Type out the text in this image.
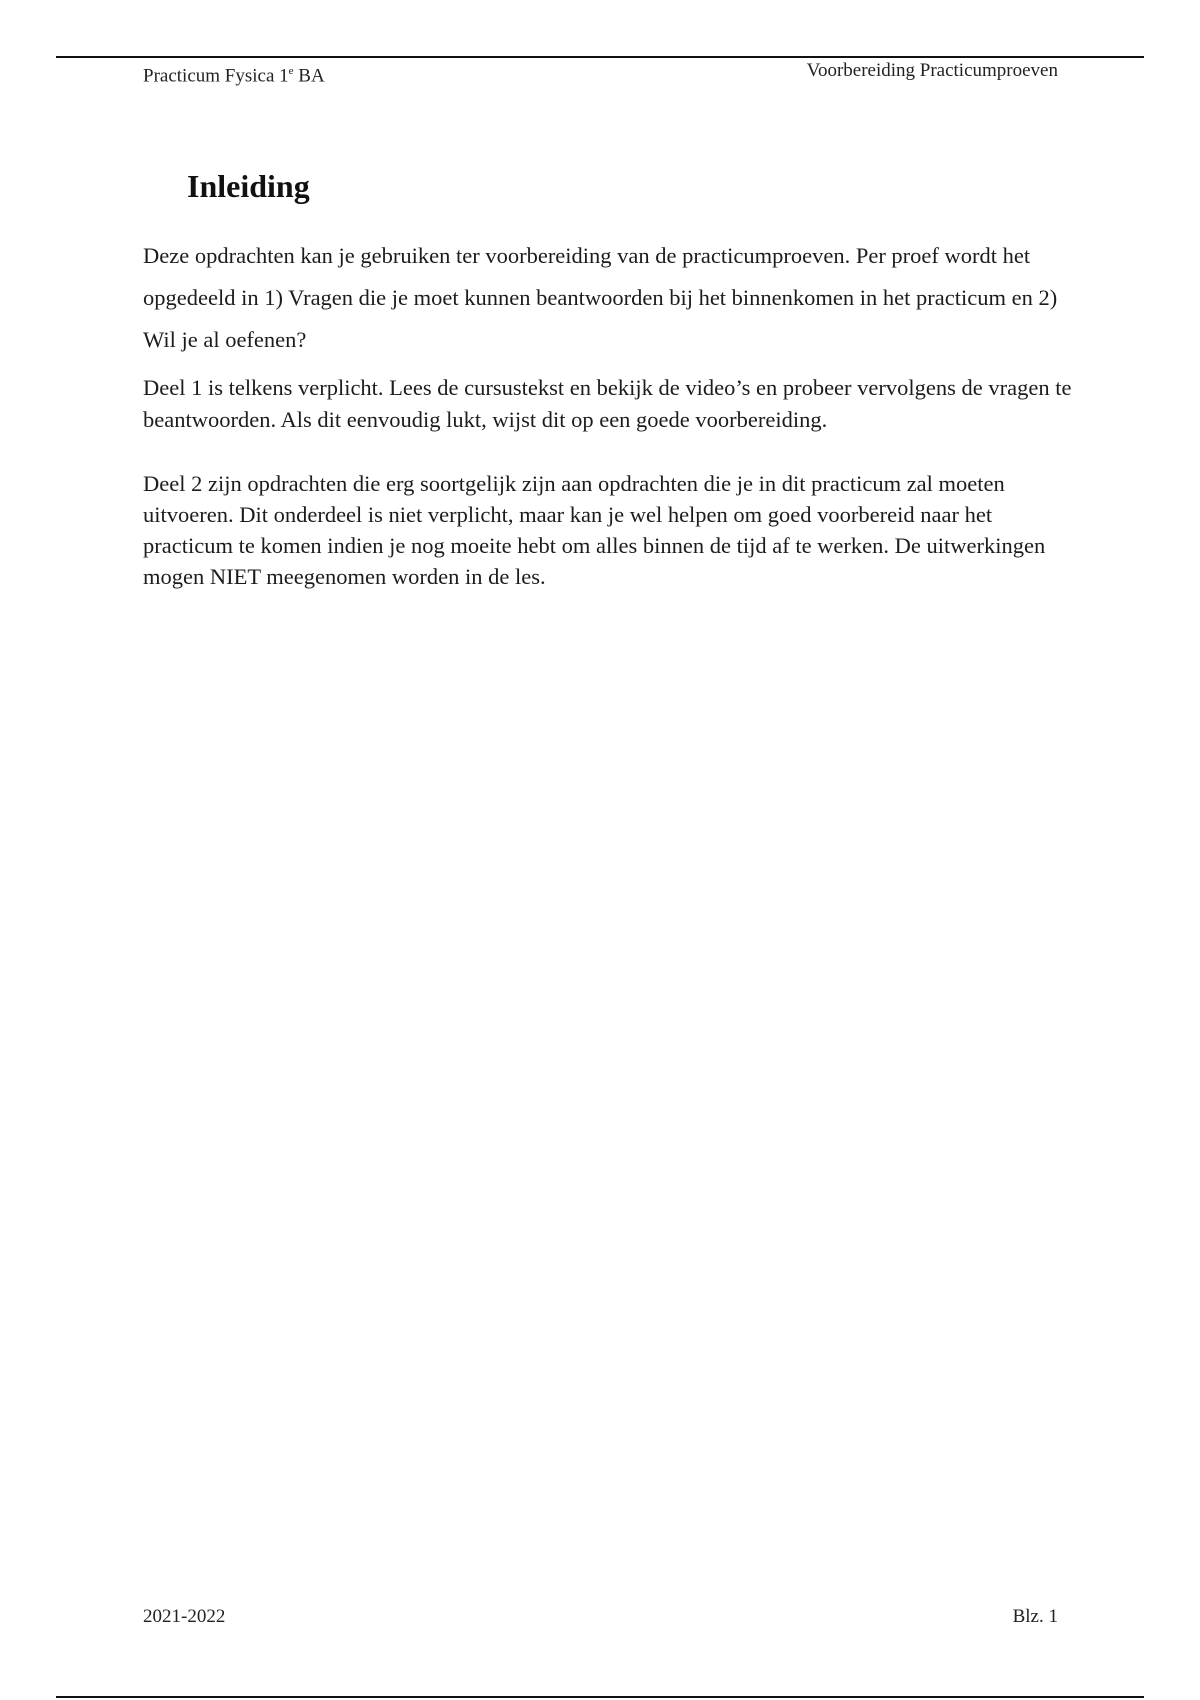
Practicum Fysica 1e BA	Voorbereiding Practicumproeven
Inleiding

Deze opdrachten kan je gebruiken ter voorbereiding van de practicumproeven. Per proef wordt het opgedeeld in 1) Vragen die je moet kunnen beantwoorden bij het binnenkomen in het practicum en 2) Wil je al oefenen?

Deel 1 is telkens verplicht. Lees de cursustekst en bekijk de video’s en probeer vervolgens de vragen te beantwoorden. Als dit eenvoudig lukt, wijst dit op een goede voorbereiding.

Deel 2 zijn opdrachten die erg soortgelijk zijn aan opdrachten die je in dit practicum zal moeten uitvoeren. Dit onderdeel is niet verplicht, maar kan je wel helpen om goed voorbereid naar het practicum te komen indien je nog moeite hebt om alles binnen de tijd af te werken. De uitwerkingen mogen NIET meegenomen worden in de les.

2021-2022	Blz. 1
